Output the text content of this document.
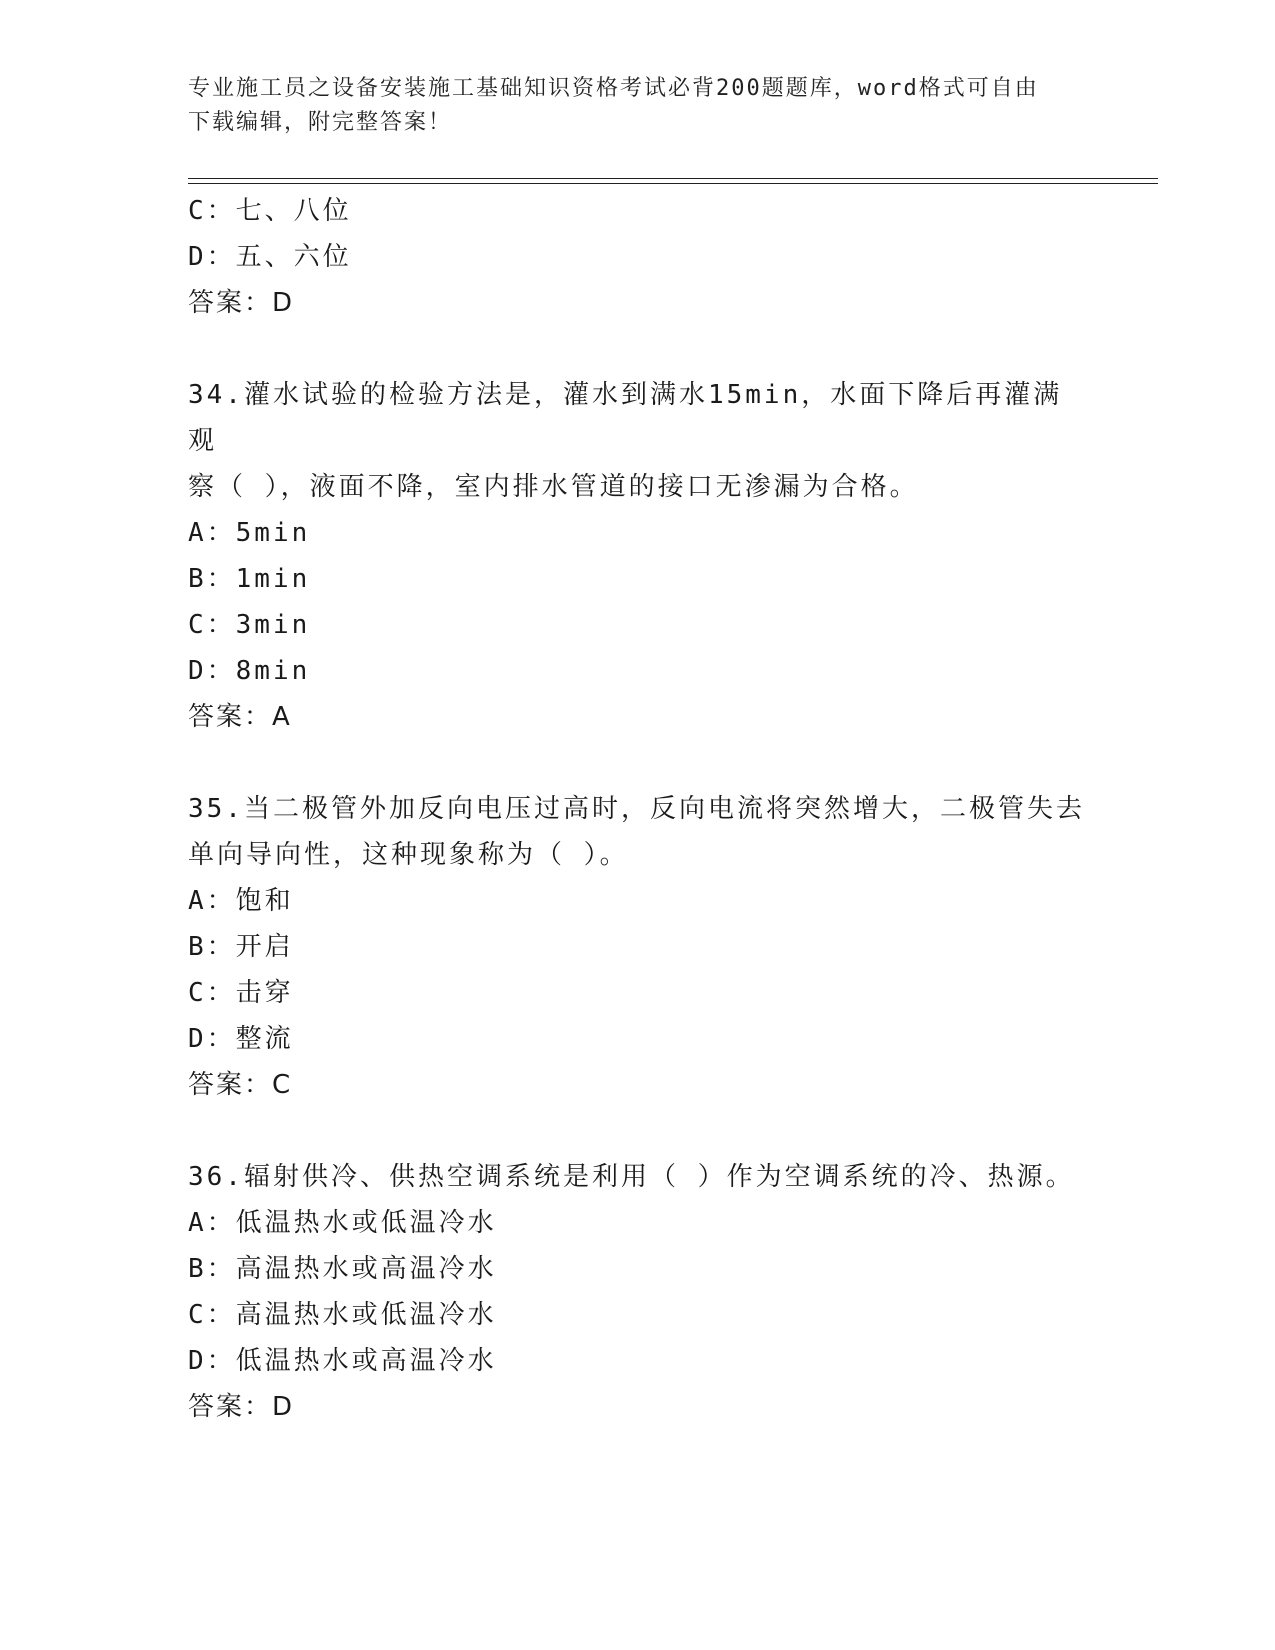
专业施工员之设备安装施工基础知识资格考试必背200题题库，word格式可自由
下载编辑，附完整答案！
C：七、八位
D：五、六位
答案：D
34.灌水试验的检验方法是，灌水到满水15min，水面下降后再灌满观
察（ ），液面不降，室内排水管道的接口无渗漏为合格。
A：5min
B：1min
C：3min
D：8min
答案：A
35.当二极管外加反向电压过高时，反向电流将突然增大，二极管失去
单向导向性，这种现象称为（ ）。
A：饱和
B：开启
C：击穿
D：整流
答案：C
36.辐射供冷、供热空调系统是利用（ ）作为空调系统的冷、热源。
A：低温热水或低温冷水
B：高温热水或高温冷水
C：高温热水或低温冷水
D：低温热水或高温冷水
答案：D
